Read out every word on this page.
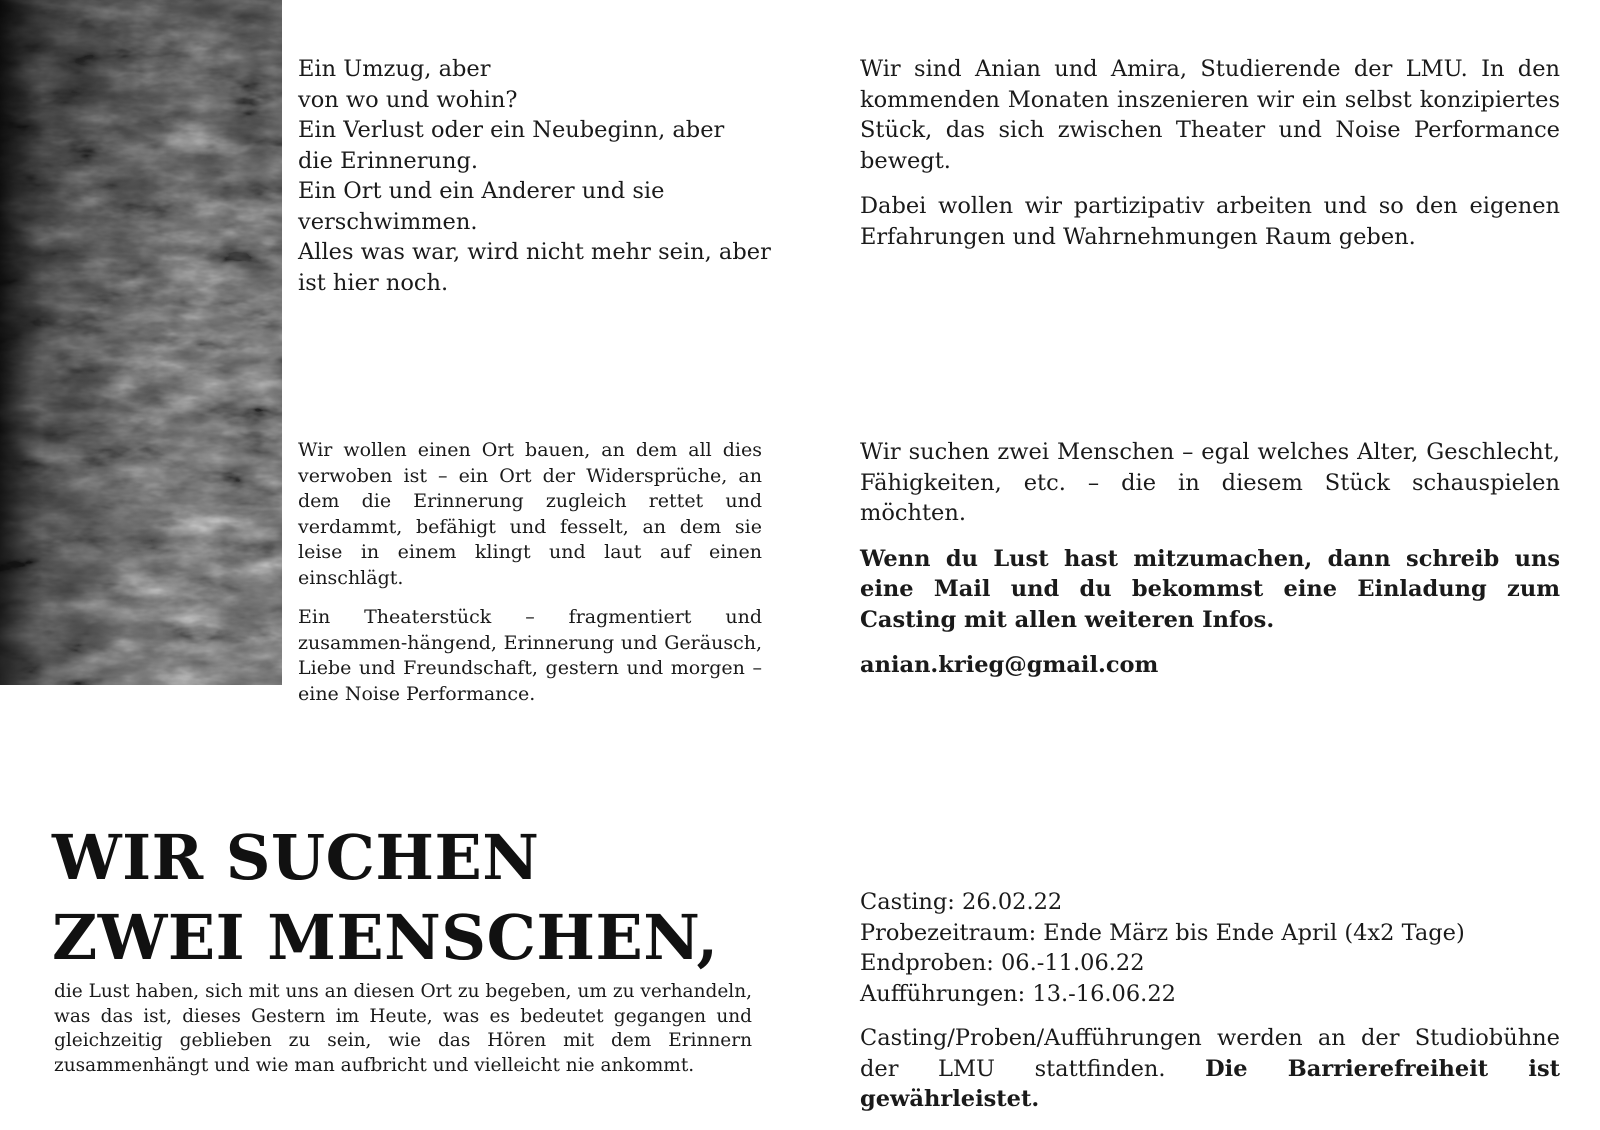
Ein Umzug, aber
von wo und wohin?
Ein Verlust oder ein Neubeginn, aber
die Erinnerung.
Ein Ort und ein Anderer und sie
verschwimmen.
Alles was war, wird nicht mehr sein, aber
ist hier noch.

Wir sind Anian und Amira, Studierende der LMU. In den kommenden Monaten inszenieren wir ein selbst konzipiertes Stück, das sich zwischen Theater und Noise Performance bewegt.

Dabei wollen wir partizipativ arbeiten und so den eigenen Erfahrungen und Wahrnehmungen Raum geben.

Wir wollen einen Ort bauen, an dem all dies verwoben ist – ein Ort der Widersprüche, an dem die Erinnerung zugleich rettet und verdammt, befähigt und fesselt, an dem sie leise in einem klingt und laut auf einen einschlägt.

Ein Theaterstück – fragmentiert und zusammen-hängend, Erinnerung und Geräusch, Liebe und Freundschaft, gestern und morgen – eine Noise Performance.

Wir suchen zwei Menschen – egal welches Alter, Geschlecht, Fähigkeiten, etc. – die in diesem Stück schauspielen möchten.

Wenn du Lust hast mitzumachen, dann schreib uns eine Mail und du bekommst eine Einladung zum Casting mit allen weiteren Infos.

anian.krieg@gmail.com

WIR SUCHEN
ZWEI MENSCHEN,
die Lust haben, sich mit uns an diesen Ort zu begeben, um zu verhandeln, was das ist, dieses Gestern im Heute, was es bedeutet gegangen und gleichzeitig geblieben zu sein, wie das Hören mit dem Erinnern zusammenhängt und wie man aufbricht und vielleicht nie ankommt.
Casting: 26.02.22
Probezeitraum: Ende März bis Ende April (4x2 Tage)
Endproben: 06.-11.06.22
Aufführungen: 13.-16.06.22

Casting/Proben/Aufführungen werden an der Studiobühne der LMU stattfinden. Die Barrierefreiheit ist gewährleistet.
